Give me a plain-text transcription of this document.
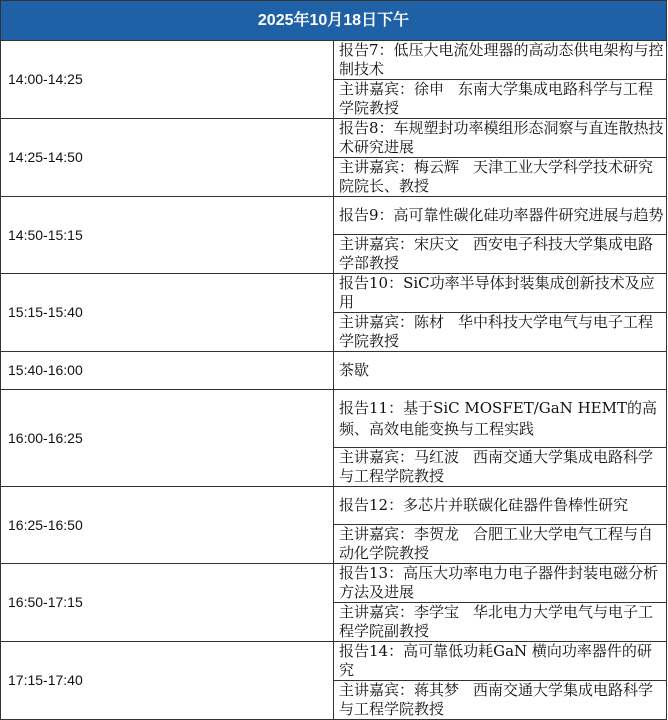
2025年10月18日下午	
14:00-14:25	报告7：低压大电流处理器的高动态供电架构与控制技术
	主讲嘉宾：徐申 东南大学集成电路科学与工程学院教授
14:25-14:50	报告8：车规塑封功率模组形态洞察与直连散热技术研究进展
	主讲嘉宾：梅云辉 天津工业大学科学技术研究院院长、教授
14:50-15:15	报告9：高可靠性碳化硅功率器件研究进展与趋势
	主讲嘉宾：宋庆文 西安电子科技大学集成电路学部教授
15:15-15:40	报告10：SiC功率半导体封装集成创新技术及应用
	主讲嘉宾：陈材 华中科技大学电气与电子工程学院教授
15:40-16:00	茶歇
16:00-16:25	报告11：基于SiC MOSFET/GaN HEMT的高频、高效电能变换与工程实践
	主讲嘉宾：马红波 西南交通大学集成电路科学与工程学院教授
16:25-16:50	报告12：多芯片并联碳化硅器件鲁棒性研究
	主讲嘉宾：李贺龙 合肥工业大学电气工程与自动化学院教授
16:50-17:15	报告13：高压大功率电力电子器件封装电磁分析方法及进展
	主讲嘉宾：李学宝 华北电力大学电气与电子工程学院副教授
17:15-17:40	报告14：高可靠低功耗GaN 横向功率器件的研究
	主讲嘉宾：蒋其梦 西南交通大学集成电路科学与工程学院教授
